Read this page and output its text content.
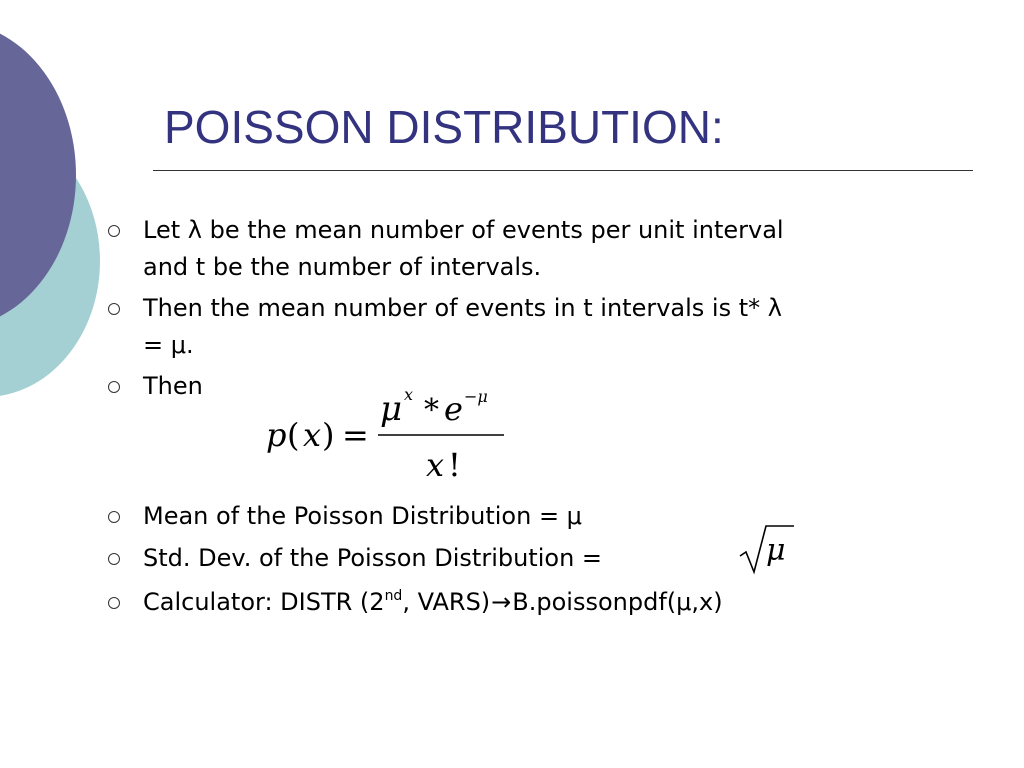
POISSON DISTRIBUTION:
Let λ be the mean number of events per unit interval
and t be the number of intervals.
Then the mean number of events in t intervals is t* λ
= μ.
Then
p ( x ) =
μ x * e −μ
x !
Mean of the Poisson Distribution = μ
Std. Dev. of the Poisson Distribution =	μ
Calculator: DISTR (2nd, VARS)→B.poissonpdf(μ,x)
